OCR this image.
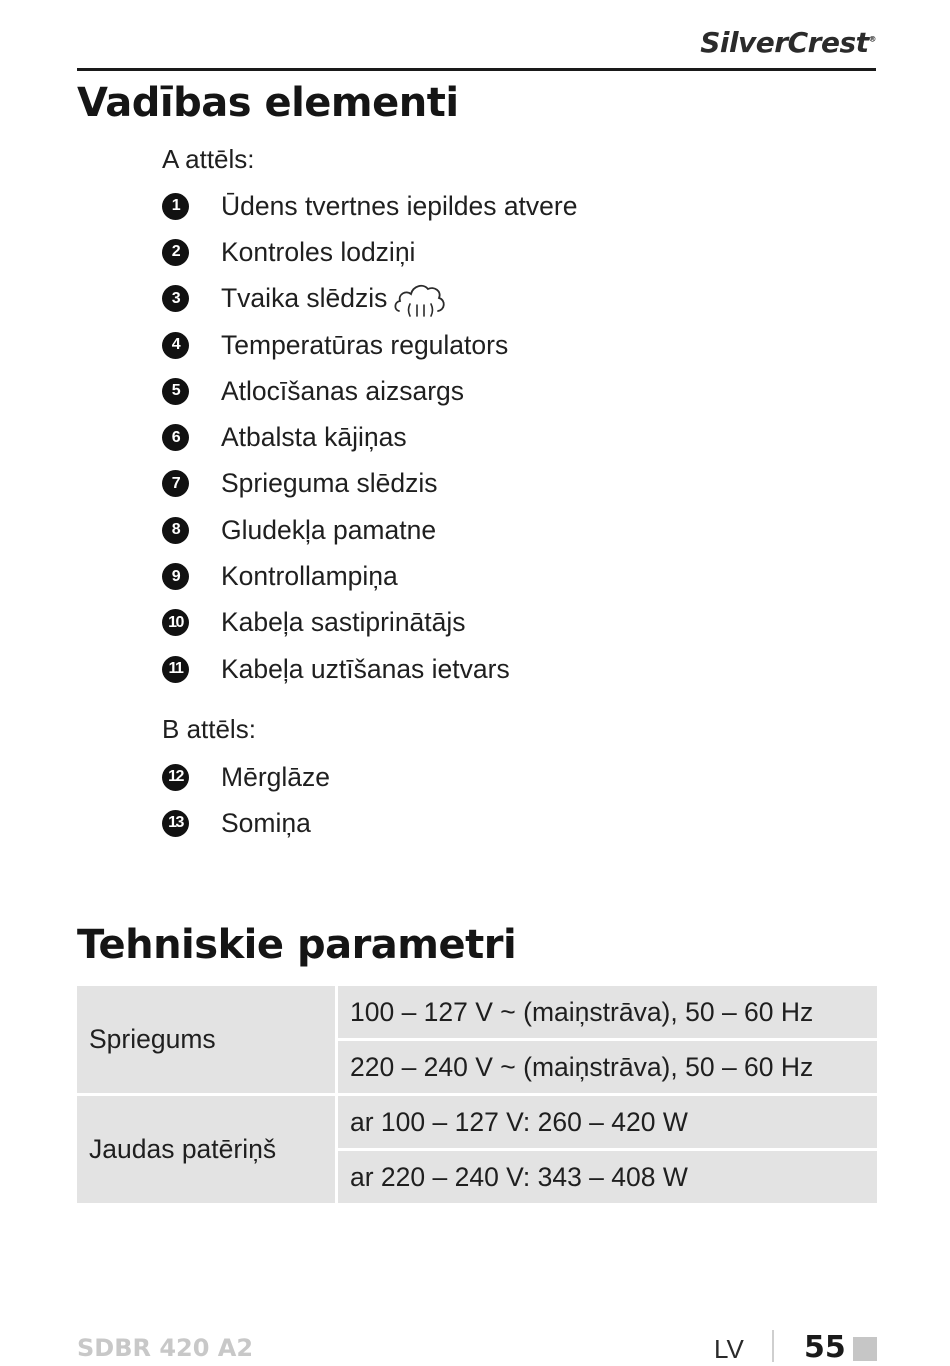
SilverCrest®
Vadības elementi
A attēls:
1	Ūdens tvertnes iepildes atvere
2	Kontroles lodziņi
3	Tvaika slēdzis
4	Temperatūras regulators
5	Atlocīšanas aizsargs
6	Atbalsta kājiņas
7	Sprieguma slēdzis
8	Gludekļa pamatne
9	Kontrollampiņa
10 Kabeļa sastiprinātājs
11 Kabeļa uztīšanas ietvars
B attēls:
12 Mērglāze
13 Somiņa
Tehniskie parametri
Spriegums	100 – 127 V ~ (maiņstrāva), 50 – 60 Hz
	220 – 240 V ~ (maiņstrāva), 50 – 60 Hz
Jaudas patēriņš	ar 100 – 127 V: 260 – 420 W
	ar 220 – 240 V: 343 – 408 W
SDBR 420 A2	LV 55
